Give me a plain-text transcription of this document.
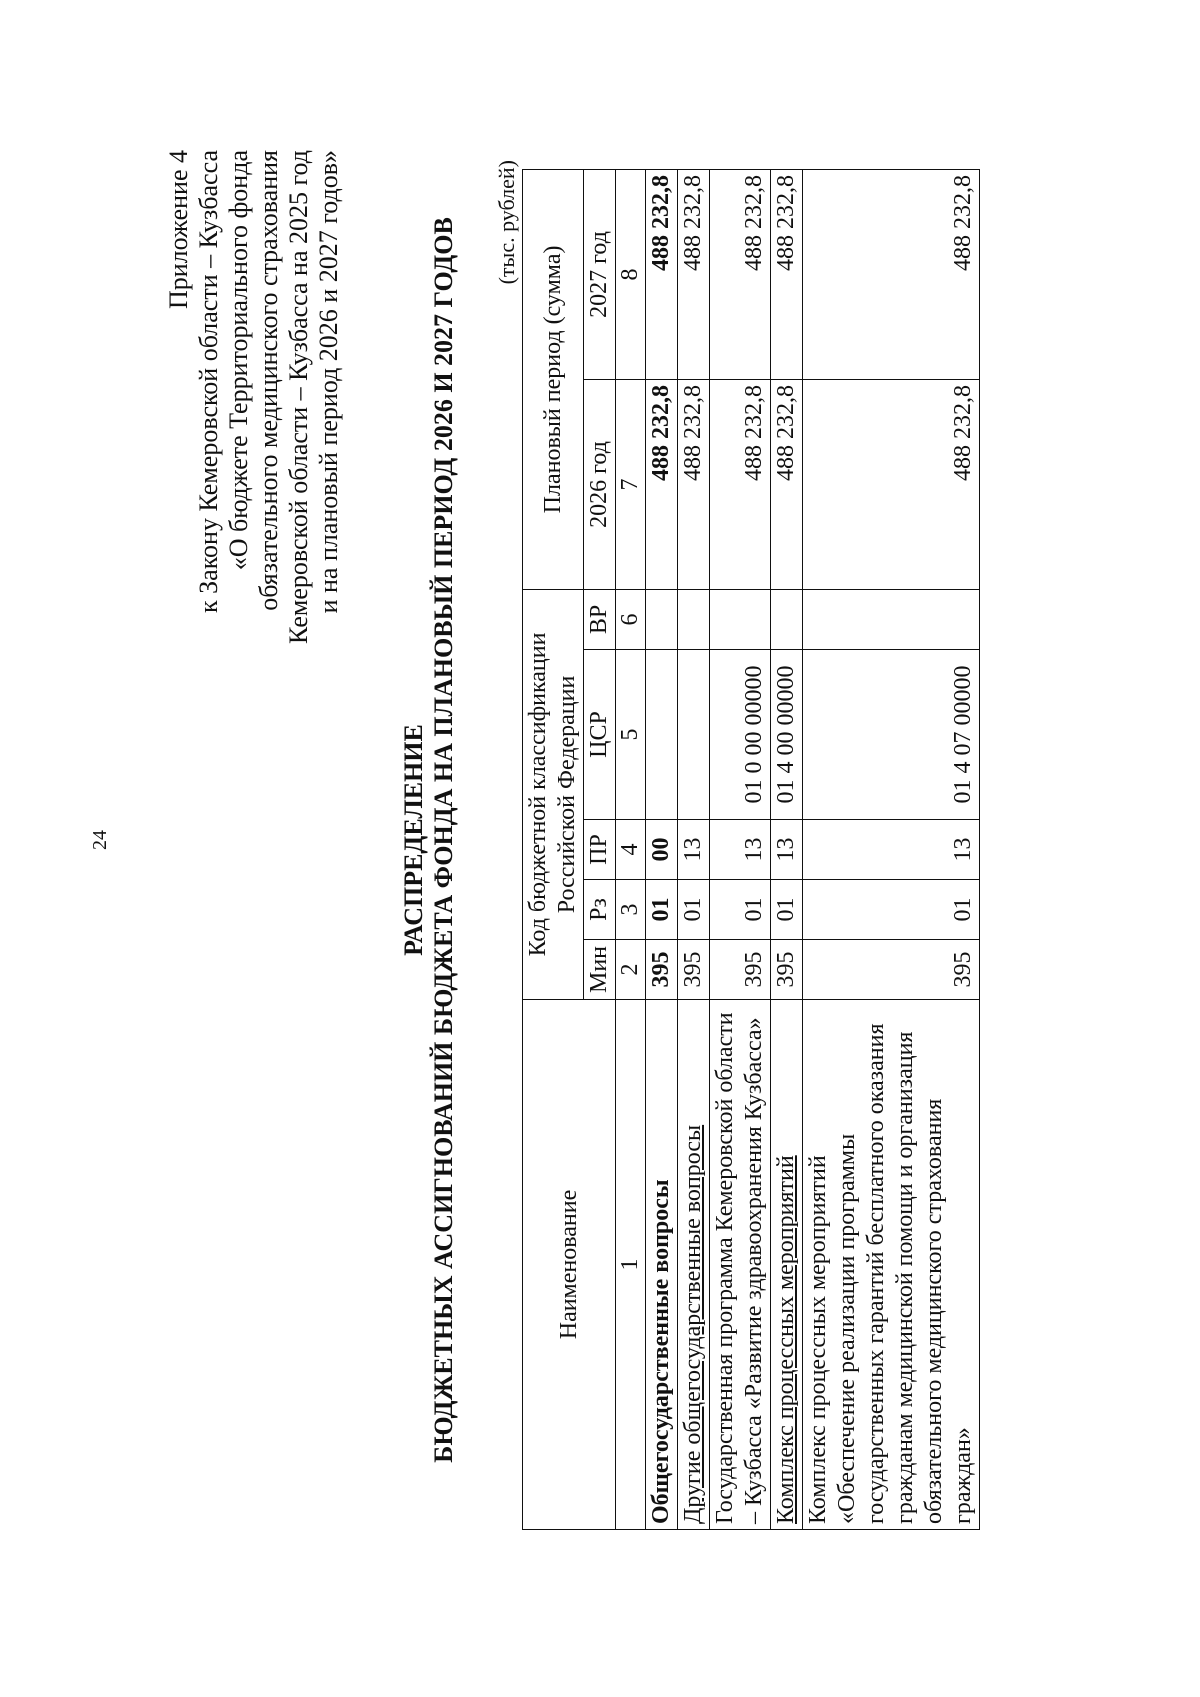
24
Приложение 4 к Закону Кемеровской области – Кузбасса «О бюджете Территориального фонда обязательного медицинского страхования Кемеровской области – Кузбасса на 2025 год и на плановый период 2026 и 2027 годов»
РАСПРЕДЕЛЕНИЕ БЮДЖЕТНЫХ АССИГНОВАНИЙ БЮДЖЕТА ФОНДА НА ПЛАНОВЫЙ ПЕРИОД 2026 И 2027 ГОДОВ (тыс. рублей)
Наименование	Код бюджетной классификации Российской Федерации					Плановый период (сумма)	
	Мин	Рз	ПР	ЦСР	ВР	2026 год	2027 год
1	2	3	4	5	6	7	8
Общегосударственные вопросы	395	01	00			488 232,8	488 232,8
Другие общегосударственные вопросы	395	01	13			488 232,8	488 232,8
Государственная программа Кемеровской области – Кузбасса «Развитие здравоохранения Кузбасса»	395	01	13	01 0 00 00000		488 232,8	488 232,8
Комплекс процессных мероприятий	395	01	13	01 4 00 00000		488 232,8	488 232,8
Комплекс процессных мероприятий «Обеспечение реализации программы государственных гарантий бесплатного оказания гражданам медицинской помощи и организация обязательного медицинского страхования граждан»	395	01	13	01 4 07 00000		488 232,8	488 232,8
